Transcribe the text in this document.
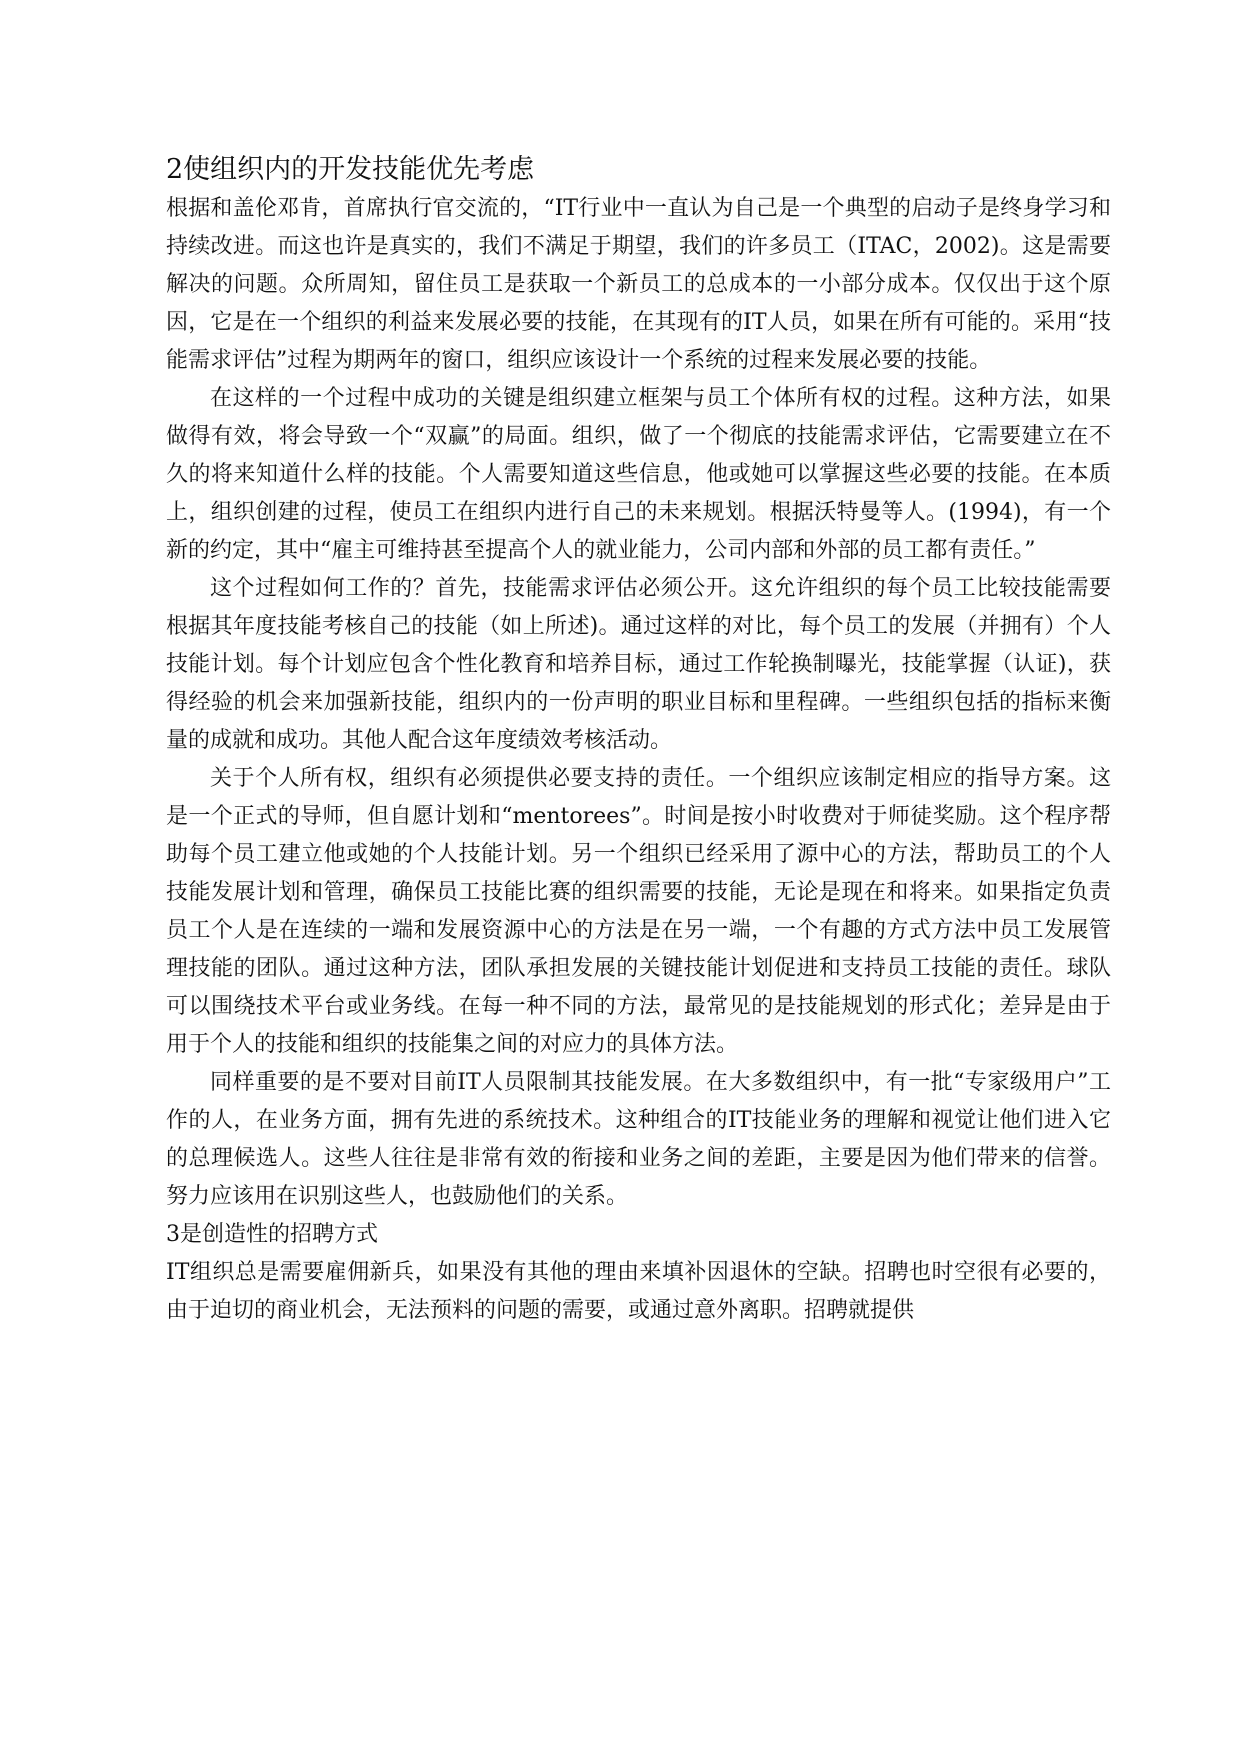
2使组织内的开发技能优先考虑

根据和盖伦邓肯，首席执行官交流的，“IT行业中一直认为自己是一个典型的启动子是终身学习和持续改进。而这也许是真实的，我们不满足于期望，我们的许多员工（ITAC，2002)。这是需要解决的问题。众所周知，留住员工是获取一个新员工的总成本的一小部分成本。仅仅出于这个原因，它是在一个组织的利益来发展必要的技能，在其现有的IT人员，如果在所有可能的。采用“技能需求评估”过程为期两年的窗口，组织应该设计一个系统的过程来发展必要的技能。

在这样的一个过程中成功的关键是组织建立框架与员工个体所有权的过程。这种方法，如果做得有效，将会导致一个“双赢”的局面。组织，做了一个彻底的技能需求评估，它需要建立在不久的将来知道什么样的技能。个人需要知道这些信息，他或她可以掌握这些必要的技能。在本质上，组织创建的过程，使员工在组织内进行自己的未来规划。根据沃特曼等人。(1994)，有一个新的约定，其中“雇主可维持甚至提高个人的就业能力，公司内部和外部的员工都有责任。”

这个过程如何工作的？首先，技能需求评估必须公开。这允许组织的每个员工比较技能需要根据其年度技能考核自己的技能（如上所述)。通过这样的对比，每个员工的发展（并拥有）个人技能计划。每个计划应包含个性化教育和培养目标，通过工作轮换制曝光，技能掌握（认证)，获得经验的机会来加强新技能，组织内的一份声明的职业目标和里程碑。一些组织包括的指标来衡量的成就和成功。其他人配合这年度绩效考核活动。

关于个人所有权，组织有必须提供必要支持的责任。一个组织应该制定相应的指导方案。这是一个正式的导师，但自愿计划和“mentorees”。时间是按小时收费对于师徒奖励。这个程序帮助每个员工建立他或她的个人技能计划。另一个组织已经采用了源中心的方法，帮助员工的个人技能发展计划和管理，确保员工技能比赛的组织需要的技能，无论是现在和将来。如果指定负责员工个人是在连续的一端和发展资源中心的方法是在另一端，一个有趣的方式方法中员工发展管理技能的团队。通过这种方法，团队承担发展的关键技能计划促进和支持员工技能的责任。球队可以围绕技术平台或业务线。在每一种不同的方法，最常见的是技能规划的形式化；差异是由于用于个人的技能和组织的技能集之间的对应力的具体方法。

同样重要的是不要对目前IT人员限制其技能发展。在大多数组织中，有一批“专家级用户”工作的人，在业务方面，拥有先进的系统技术。这种组合的IT技能业务的理解和视觉让他们进入它的总理候选人。这些人往往是非常有效的衔接和业务之间的差距，主要是因为他们带来的信誉。努力应该用在识别这些人，也鼓励他们的关系。

3是创造性的招聘方式

IT组织总是需要雇佣新兵，如果没有其他的理由来填补因退休的空缺。招聘也时空很有必要的，由于迫切的商业机会，无法预料的问题的需要，或通过意外离职。招聘就提供
